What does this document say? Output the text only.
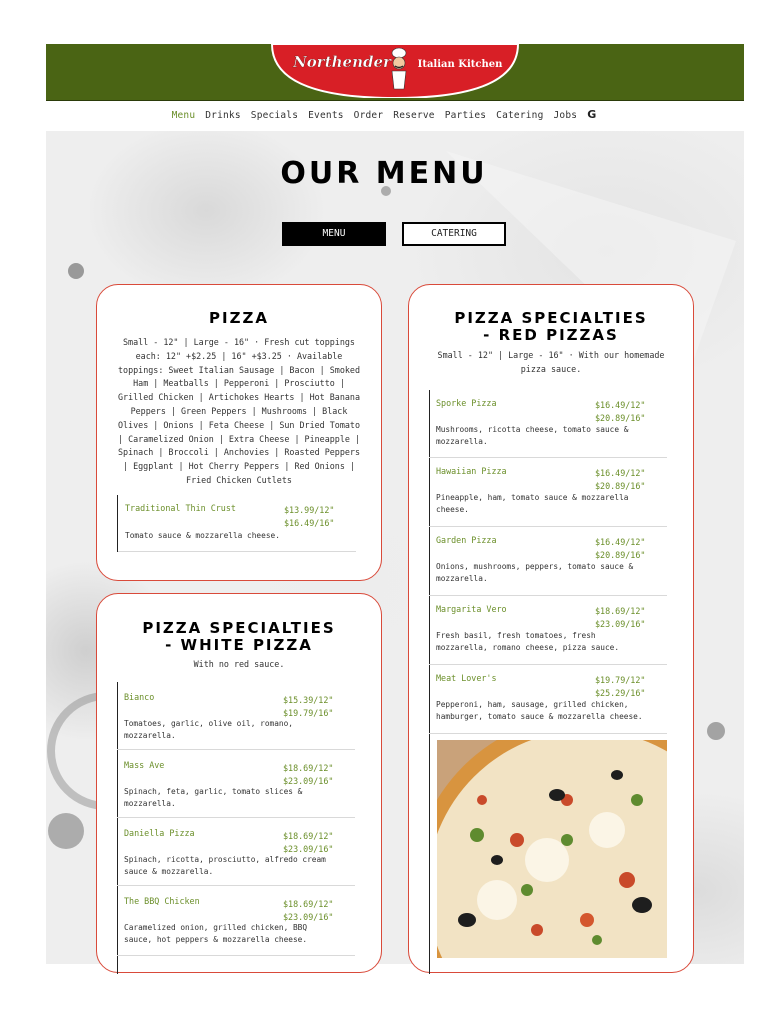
Northender	Italian Kitchen
Menu Drinks Specials Events Order Reserve Parties Catering Jobs G
OUR MENU
MENU	CATERING
PIZZA

Small - 12" | Large - 16" · Fresh cut toppings each: 12" +$2.25 | 16" +$3.25 · Available toppings: Sweet Italian Sausage | Bacon | Smoked Ham | Meatballs | Pepperoni | Prosciutto | Grilled Chicken | Artichokes Hearts | Hot Banana Peppers | Green Peppers | Mushrooms | Black Olives | Onions | Feta Cheese | Sun Dried Tomato | Caramelized Onion | Extra Cheese | Pineapple | Spinach | Broccoli | Anchovies | Roasted Peppers | Eggplant | Hot Cherry Peppers | Red Onions | Fried Chicken Cutlets

Traditional Thin Crust	$13.99/12"
$16.49/16"
Tomato sauce & mozzarella cheese.
PIZZA SPECIALTIES
- WHITE PIZZA

With no red sauce.

Bianco	$15.39/12"
$19.79/16"
Tomatoes, garlic, olive oil, romano, mozzarella.
Mass Ave	$18.69/12"
$23.09/16"
Spinach, feta, garlic, tomato slices & mozzarella.
Daniella Pizza	$18.69/12"
$23.09/16"
Spinach, ricotta, prosciutto, alfredo cream sauce & mozzarella.
The BBQ Chicken	$18.69/12"
$23.09/16"
Caramelized onion, grilled chicken, BBQ sauce, hot peppers & mozzarella cheese.
PIZZA SPECIALTIES
- RED PIZZAS

Small - 12" | Large - 16" · With our homemade pizza sauce.

Sporke Pizza	$16.49/12"
$20.89/16"
Mushrooms, ricotta cheese, tomato sauce & mozzarella.
Hawaiian Pizza	$16.49/12"
$20.89/16"
Pineapple, ham, tomato sauce & mozzarella cheese.
Garden Pizza	$16.49/12"
$20.89/16"
Onions, mushrooms, peppers, tomato sauce & mozzarella.
Margarita Vero	$18.69/12"
$23.09/16"
Fresh basil, fresh tomatoes, fresh mozzarella, romano cheese, pizza sauce.
Meat Lover's	$19.79/12"
$25.29/16"
Pepperoni, ham, sausage, grilled chicken, hamburger, tomato sauce & mozzarella cheese.
